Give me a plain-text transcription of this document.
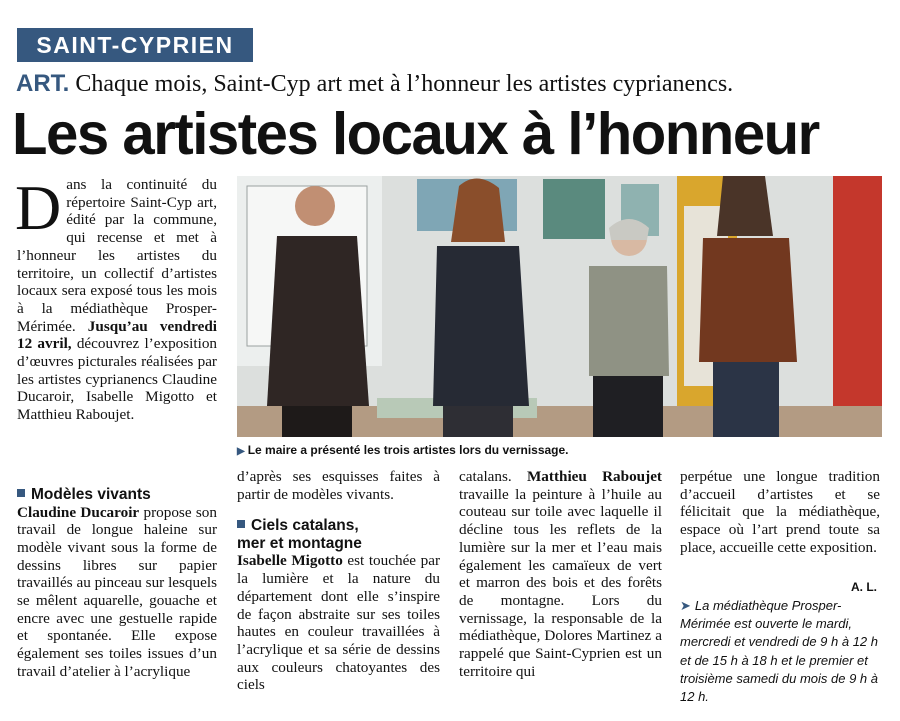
SAINT-CYPRIEN
ART. Chaque mois, Saint-Cyp art met à l’honneur les artistes cyprianencs.
Les artistes locaux à l’honneur
Dans la continuité du répertoire Saint-Cyp art, édité par la commune, qui recense et met à l’honneur les artistes du territoire, un collectif d’artistes locaux sera exposé tous les mois à la médiathèque Prosper-Mérimée. Jusqu’au vendredi 12 avril, découvrez l’exposition d’œuvres picturales réalisées par les artistes cyprianencs Claudine Ducaroir, Isabelle Migotto et Matthieu Raboujet.
Modèles vivants
Claudine Ducaroir propose son travail de longue haleine sur modèle vivant sous la forme de dessins libres sur papier travaillés au pinceau sur lesquels se mêlent aquarelle, gouache et encre avec une gestuelle rapide et spontanée. Elle expose également ses toiles issues d’un travail d’atelier à l’acrylique
▶ Le maire a présenté les trois artistes lors du vernissage.
d’après ses esquisses faites à partir de modèles vivants.
Ciels catalans,
mer et montagne
Isabelle Migotto est touchée par la lumière et la nature du département dont elle s’inspire de façon abstraite sur ses toiles hautes en couleur travaillées à l’acrylique et sa série de dessins aux couleurs chatoyantes des ciels
catalans. Matthieu Raboujet travaille la peinture à l’huile au couteau sur toile avec laquelle il décline tous les reflets de la lumière sur la mer et l’eau mais également les camaïeux de vert et marron des bois et des forêts de montagne. Lors du vernissage, la responsable de la médiathèque, Dolores Martinez a rappelé que Saint-Cyprien est un territoire qui
perpétue une longue tradition d’accueil d’artistes et se félicitait que la médiathèque, espace où l’art prend toute sa place, accueille cette exposition.
A. L.
➤ La médiathèque Prosper-Mérimée est ouverte le mardi, mercredi et vendredi de 9 h à 12 h et de 15 h à 18 h et le premier et troisième samedi du mois de 9 h à 12 h.
